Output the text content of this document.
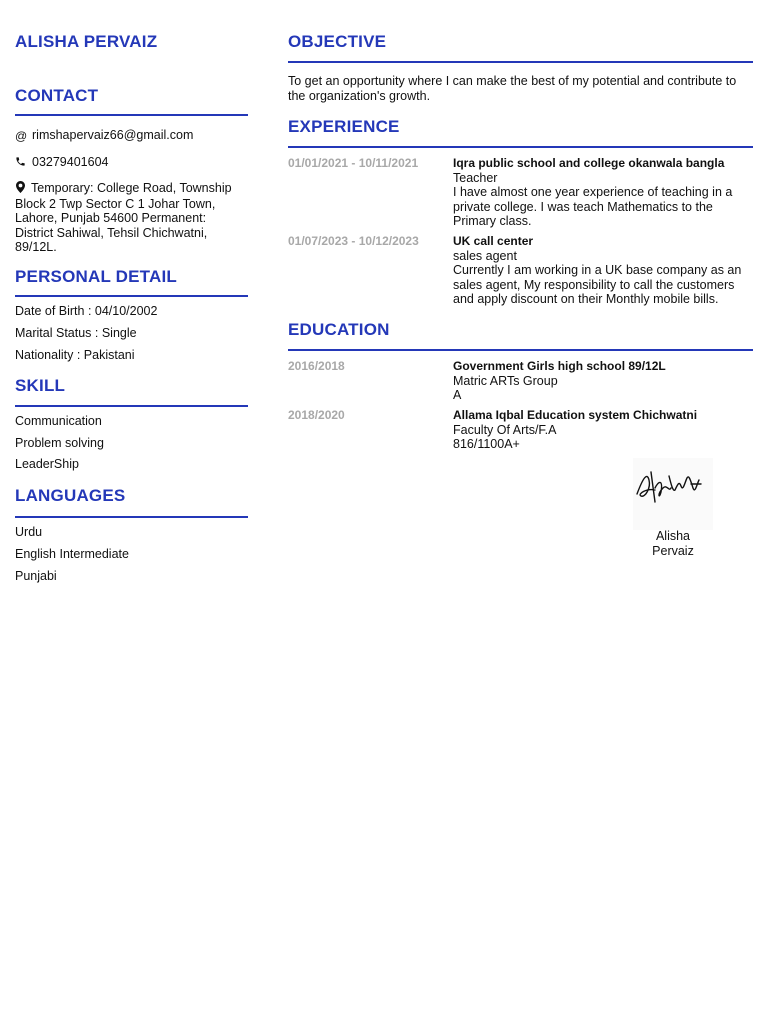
ALISHA PERVAIZ
CONTACT
@ rimshapervaiz66@gmail.com
03279401604
Temporary: College Road, Township Block 2 Twp Sector C 1 Johar Town, Lahore, Punjab 54600 Permanent: District Sahiwal, Tehsil Chichwatni, 89/12L.
PERSONAL DETAIL
Date of Birth : 04/10/2002
Marital Status : Single
Nationality : Pakistani
SKILL
Communication
Problem solving
LeaderShip
LANGUAGES
Urdu
English Intermediate
Punjabi
OBJECTIVE
To get an opportunity where I can make the best of my potential and contribute to the organization's growth.
EXPERIENCE
01/01/2021 - 10/11/2021	Iqra public school and college okanwala bangla
Teacher
I have almost one year experience of teaching in a private college. I was teach Mathematics to the Primary class.
01/07/2023 - 10/12/2023	UK call center
sales agent
Currently I am working in a UK base company as an sales agent, My responsibility to call the customers and apply discount on their Monthly mobile bills.
EDUCATION
2016/2018	Government Girls high school 89/12L
Matric ARTs Group
A
2018/2020	Allama Iqbal Education system Chichwatni
Faculty Of Arts/F.A
816/1100A+
Alisha
Pervaiz
